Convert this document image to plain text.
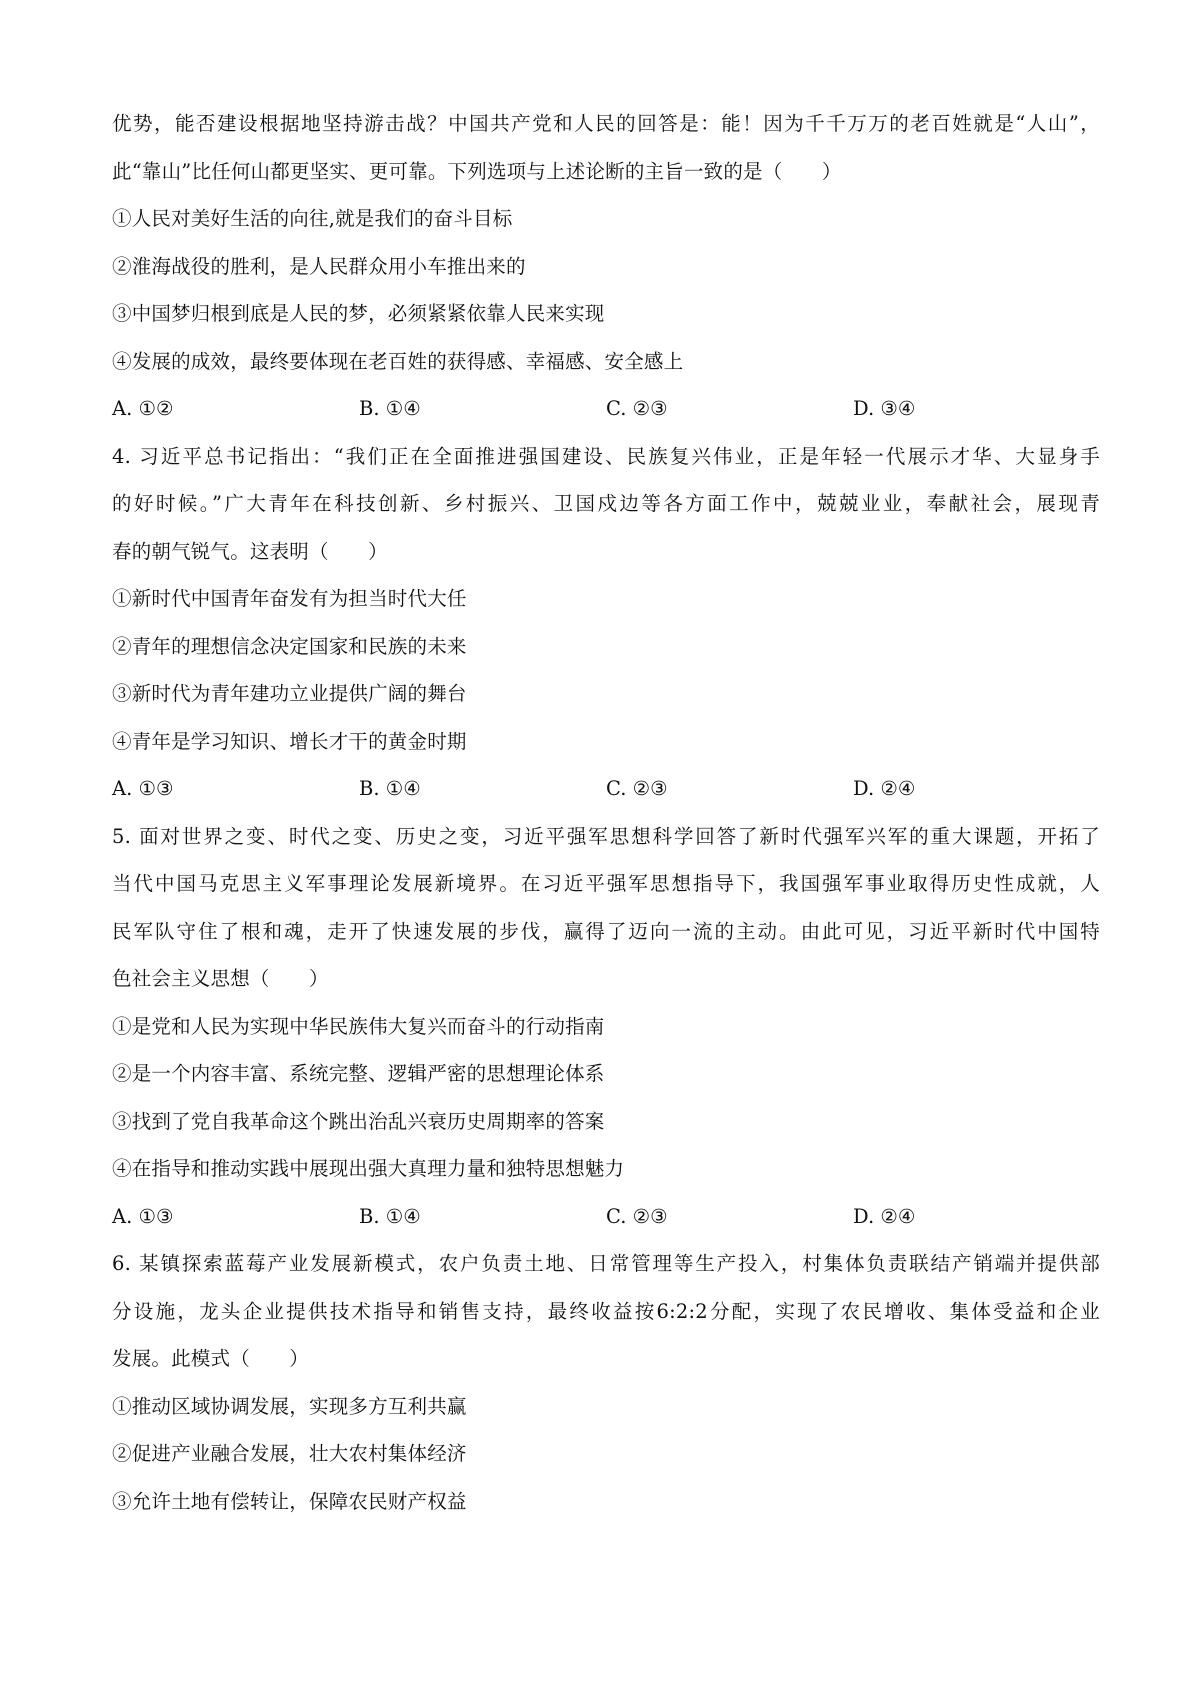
优势，能否建设根据地坚持游击战？中国共产党和人民的回答是：能！因为千千万万的老百姓就是“人山”，
此“靠山”比任何山都更坚实、更可靠。下列选项与上述论断的主旨一致的是（　　）
①人民对美好生活的向往,就是我们的奋斗目标
②淮海战役的胜利，是人民群众用小车推出来的
③中国梦归根到底是人民的梦，必须紧紧依靠人民来实现
④发展的成效，最终要体现在老百姓的获得感、幸福感、安全感上
A. ①②	B. ①④	C. ②③	D. ③④
4. 习近平总书记指出：“我们正在全面推进强国建设、民族复兴伟业，正是年轻一代展示才华、大显身手
的好时候。”广大青年在科技创新、乡村振兴、卫国戍边等各方面工作中，兢兢业业，奉献社会，展现青
春的朝气锐气。这表明（　　）
①新时代中国青年奋发有为担当时代大任
②青年的理想信念决定国家和民族的未来
③新时代为青年建功立业提供广阔的舞台
④青年是学习知识、增长才干的黄金时期
A. ①③	B. ①④	C. ②③	D. ②④
5. 面对世界之变、时代之变、历史之变，习近平强军思想科学回答了新时代强军兴军的重大课题，开拓了
当代中国马克思主义军事理论发展新境界。在习近平强军思想指导下，我国强军事业取得历史性成就，人
民军队守住了根和魂，走开了快速发展的步伐，赢得了迈向一流的主动。由此可见，习近平新时代中国特
色社会主义思想（　　）
①是党和人民为实现中华民族伟大复兴而奋斗的行动指南
②是一个内容丰富、系统完整、逻辑严密的思想理论体系
③找到了党自我革命这个跳出治乱兴衰历史周期率的答案
④在指导和推动实践中展现出强大真理力量和独特思想魅力
A. ①③	B. ①④	C. ②③	D. ②④
6. 某镇探索蓝莓产业发展新模式，农户负责土地、日常管理等生产投入，村集体负责联结产销端并提供部
分设施，龙头企业提供技术指导和销售支持，最终收益按6:2:2分配，实现了农民增收、集体受益和企业
发展。此模式（　　）
①推动区域协调发展，实现多方互利共赢
②促进产业融合发展，壮大农村集体经济
③允许土地有偿转让，保障农民财产权益
